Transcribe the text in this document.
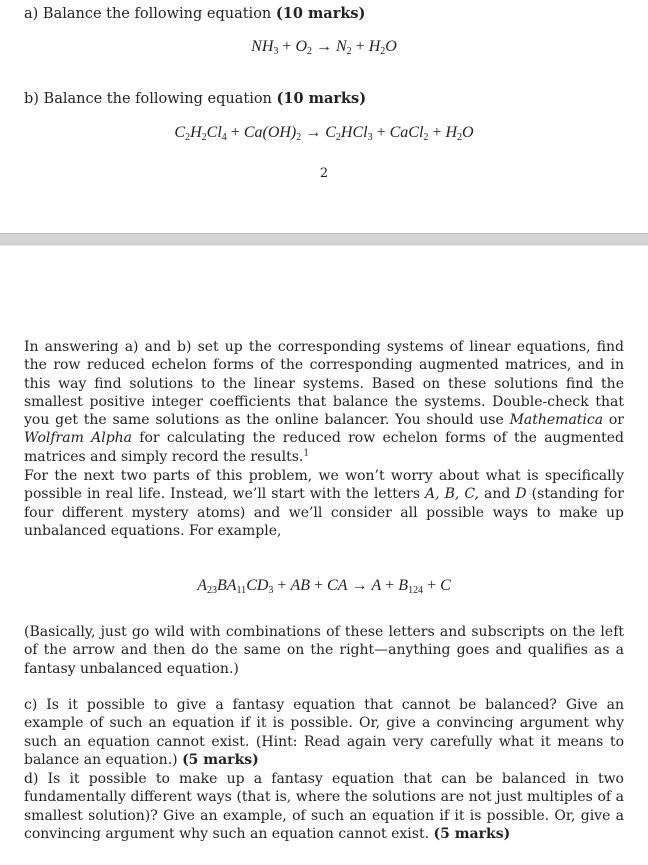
a) Balance the following equation (10 marks)
$NH_3 + O_2 \to N_2 + H_2O$
b) Balance the following equation (10 marks)
$C_2H_2Cl_4 + Ca(OH)_2 \to C_2HCl_3$ + CaCl$_2$ + $H_2O$
2
In answering a) and b) set up the corresponding systems of linear equations, find the row reduced echelon forms of the corresponding augmented matrices, and in this way find solutions to the linear systems. Based on these solutions find the smallest positive integer coefficients that balance the systems. Double-check that you get the same solutions as the online balancer. You should use Mathematica or Wolfram Alpha for calculating the reduced row echelon forms of the augmented matrices and simply record the results.$^1$
For the next two parts of this problem, we won’t worry about what is specifically possible in real life. Instead, we’ll start with the letters A, B, C, and D (standing for four different mystery atoms) and we’ll consider all possible ways to make up unbalanced equations. For example,
$A_{23}BA_{11}CD_3$ + AB + CA → $A + B_{124} + C$
(Basically, just go wild with combinations of these letters and subscripts on the left of the arrow and then do the same on the right—anything goes and qualifies as a fantasy unbalanced equation.)
c) Is it possible to give a fantasy equation that cannot be balanced? Give an example of such an equation if it is possible. Or, give a convincing argument why such an equation cannot exist. (Hint: Read again very carefully what it means to balance an equation.) (5 marks)
d) Is it possible to make up a fantasy equation that can be balanced in two fundamentally different ways (that is, where the solutions are not just multiples of a smallest solution)? Give an example, of such an equation if it is possible. Or, give a convincing argument why such an equation cannot exist. (5 marks)
